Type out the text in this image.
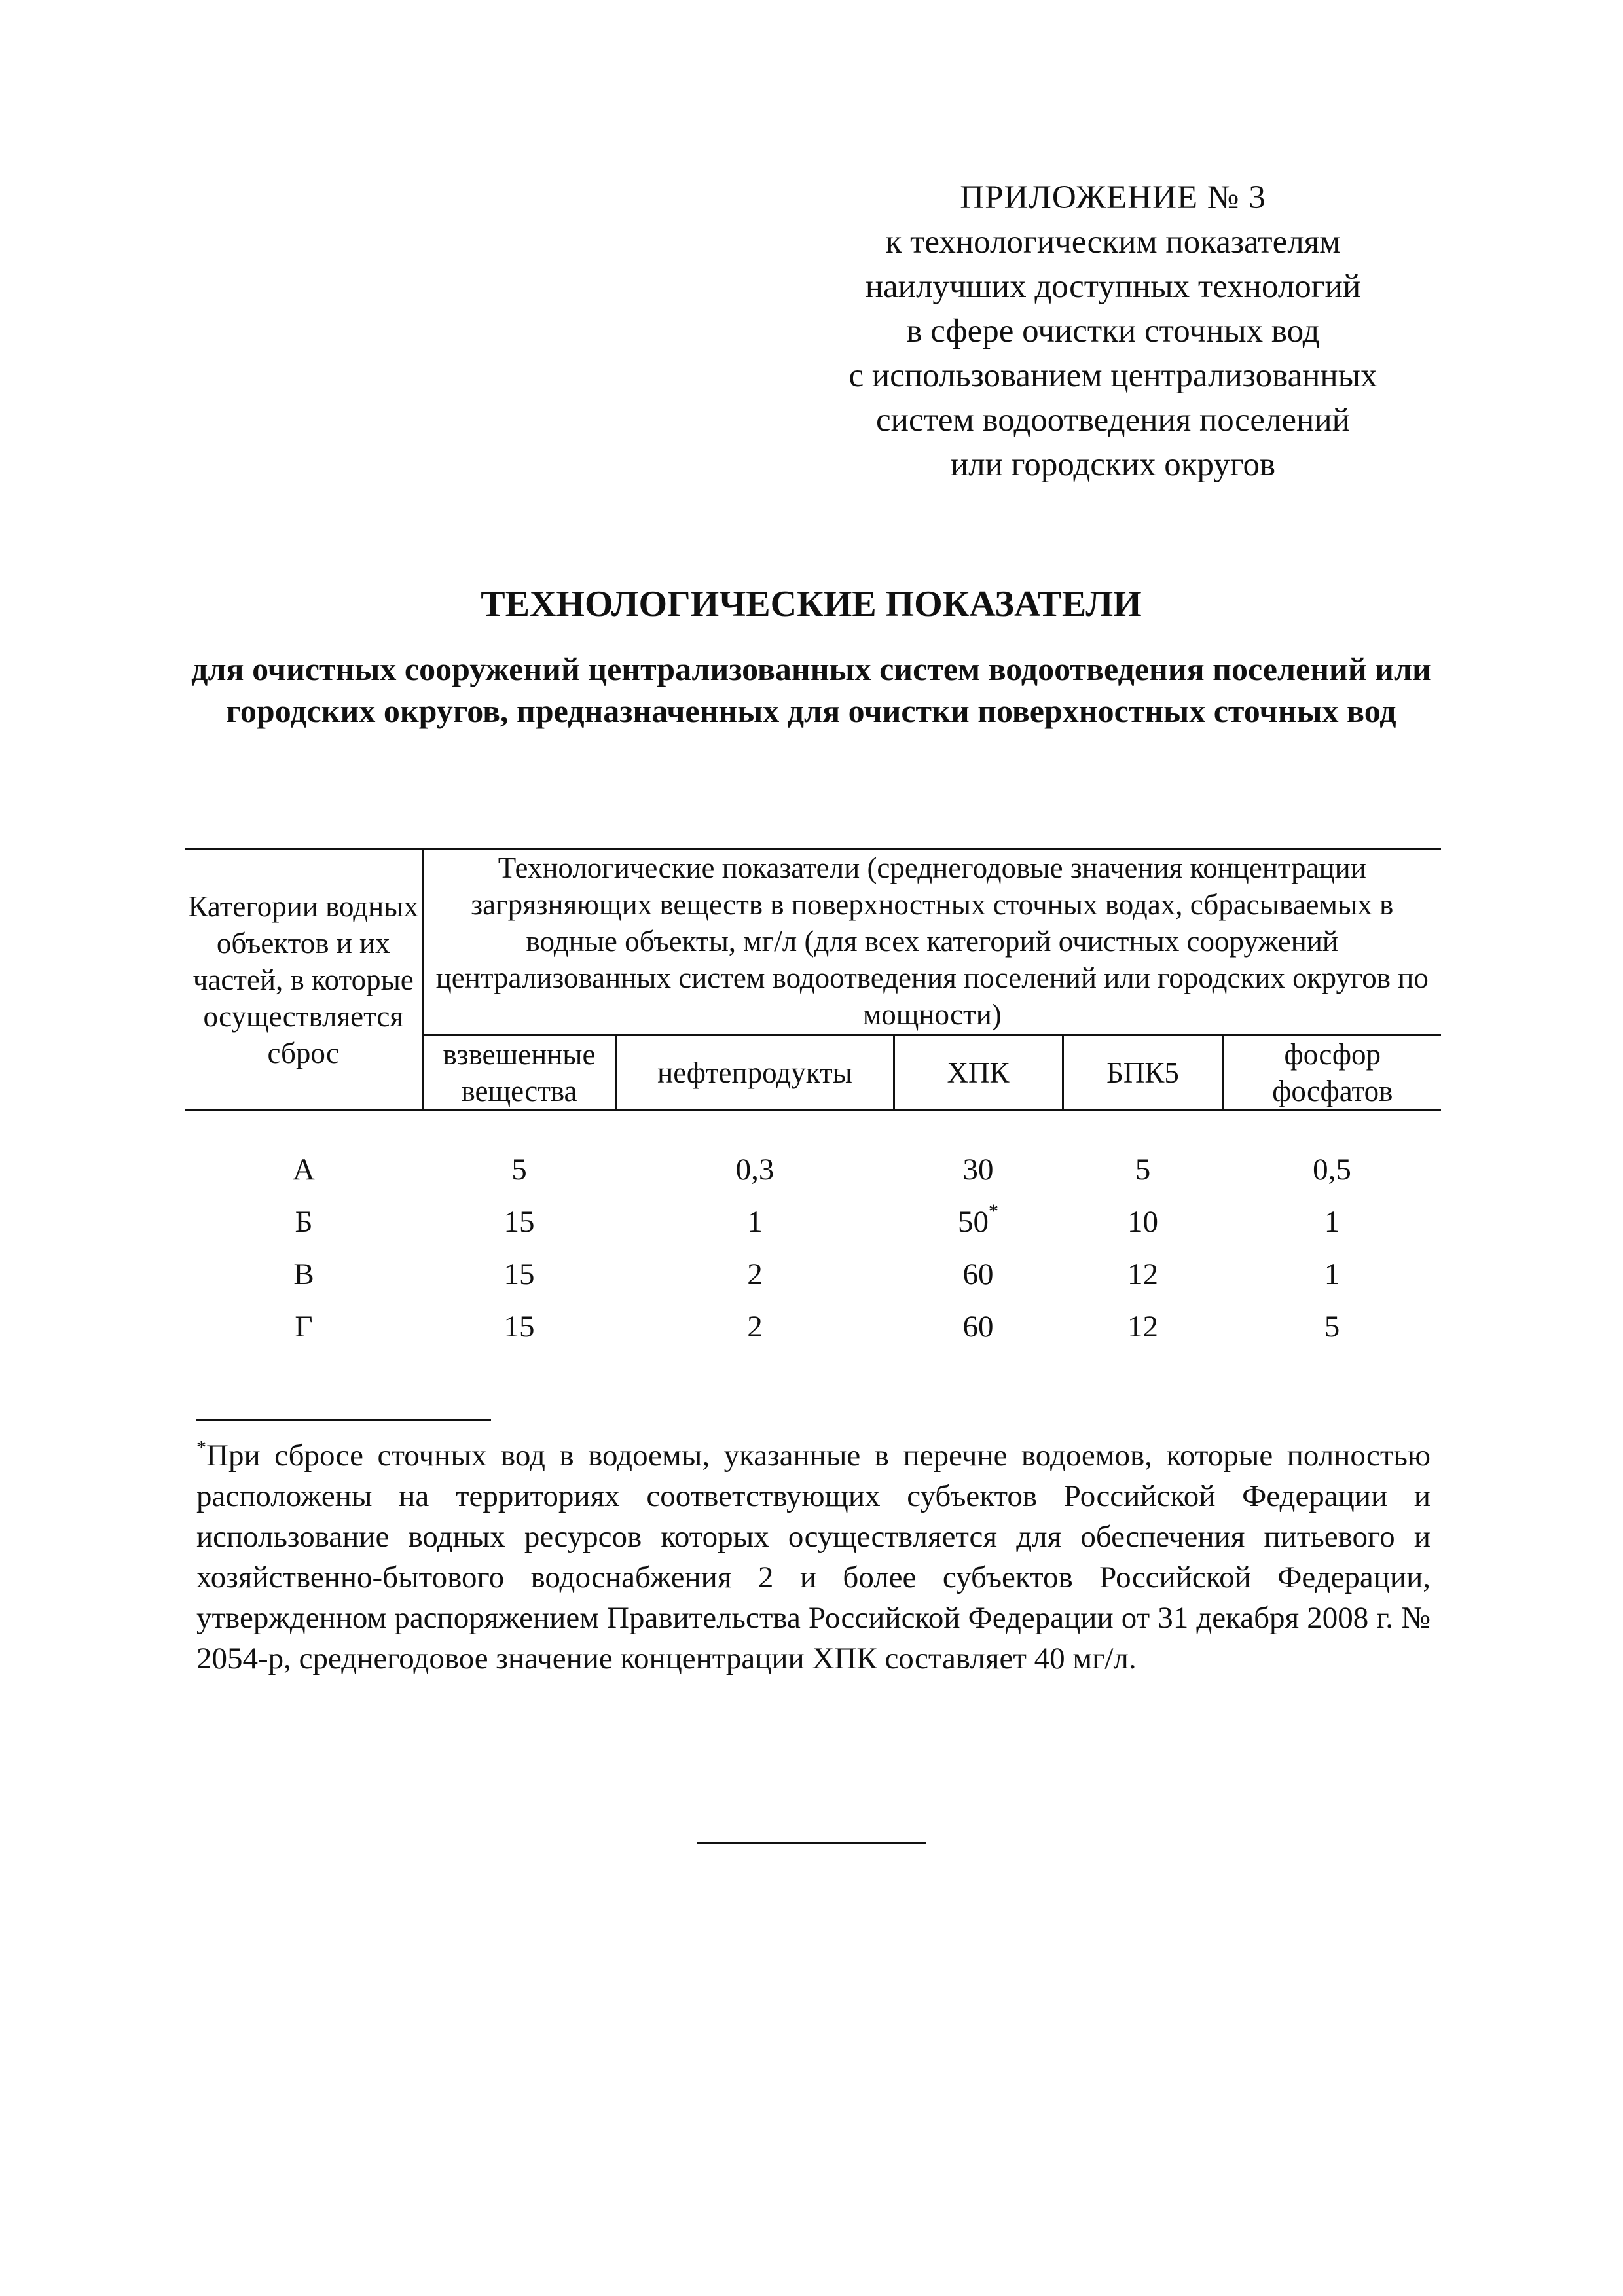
ПРИЛОЖЕНИЕ № 3
к технологическим показателям
наилучших доступных технологий
в сфере очистки сточных вод
с использованием централизованных
систем водоотведения поселений
или городских округов
ТЕХНОЛОГИЧЕСКИЕ ПОКАЗАТЕЛИ
для очистных сооружений централизованных систем водоотведения поселений или городских округов, предназначенных для очистки поверхностных сточных вод
Категории водных объектов и их частей, в которые осуществляется сброс	Технологические показатели (среднегодовые значения концентрации загрязняющих веществ в поверхностных сточных водах, сбрасываемых в водные объекты, мг/л (для всех категорий очистных сооружений централизованных систем водоотведения поселений или городских округов по мощности)				
	взвешенные вещества	нефтепродукты	ХПК	БПК5	фосфор фосфатов
А	5	0,3	30	5	0,5
Б	15	1	50*	10	1
В	15	2	60	12	1
Г	15	2	60	12	5
*При сбросе сточных вод в водоемы, указанные в перечне водоемов, которые полностью расположены на территориях соответствующих субъектов Российской Федерации и использование водных ресурсов которых осуществляется для обеспечения питьевого и хозяйственно-бытового водоснабжения 2 и более субъектов Российской Федерации, утвержденном распоряжением Правительства Российской Федерации от 31 декабря 2008 г. № 2054-р, среднегодовое значение концентрации ХПК составляет 40 мг/л.
